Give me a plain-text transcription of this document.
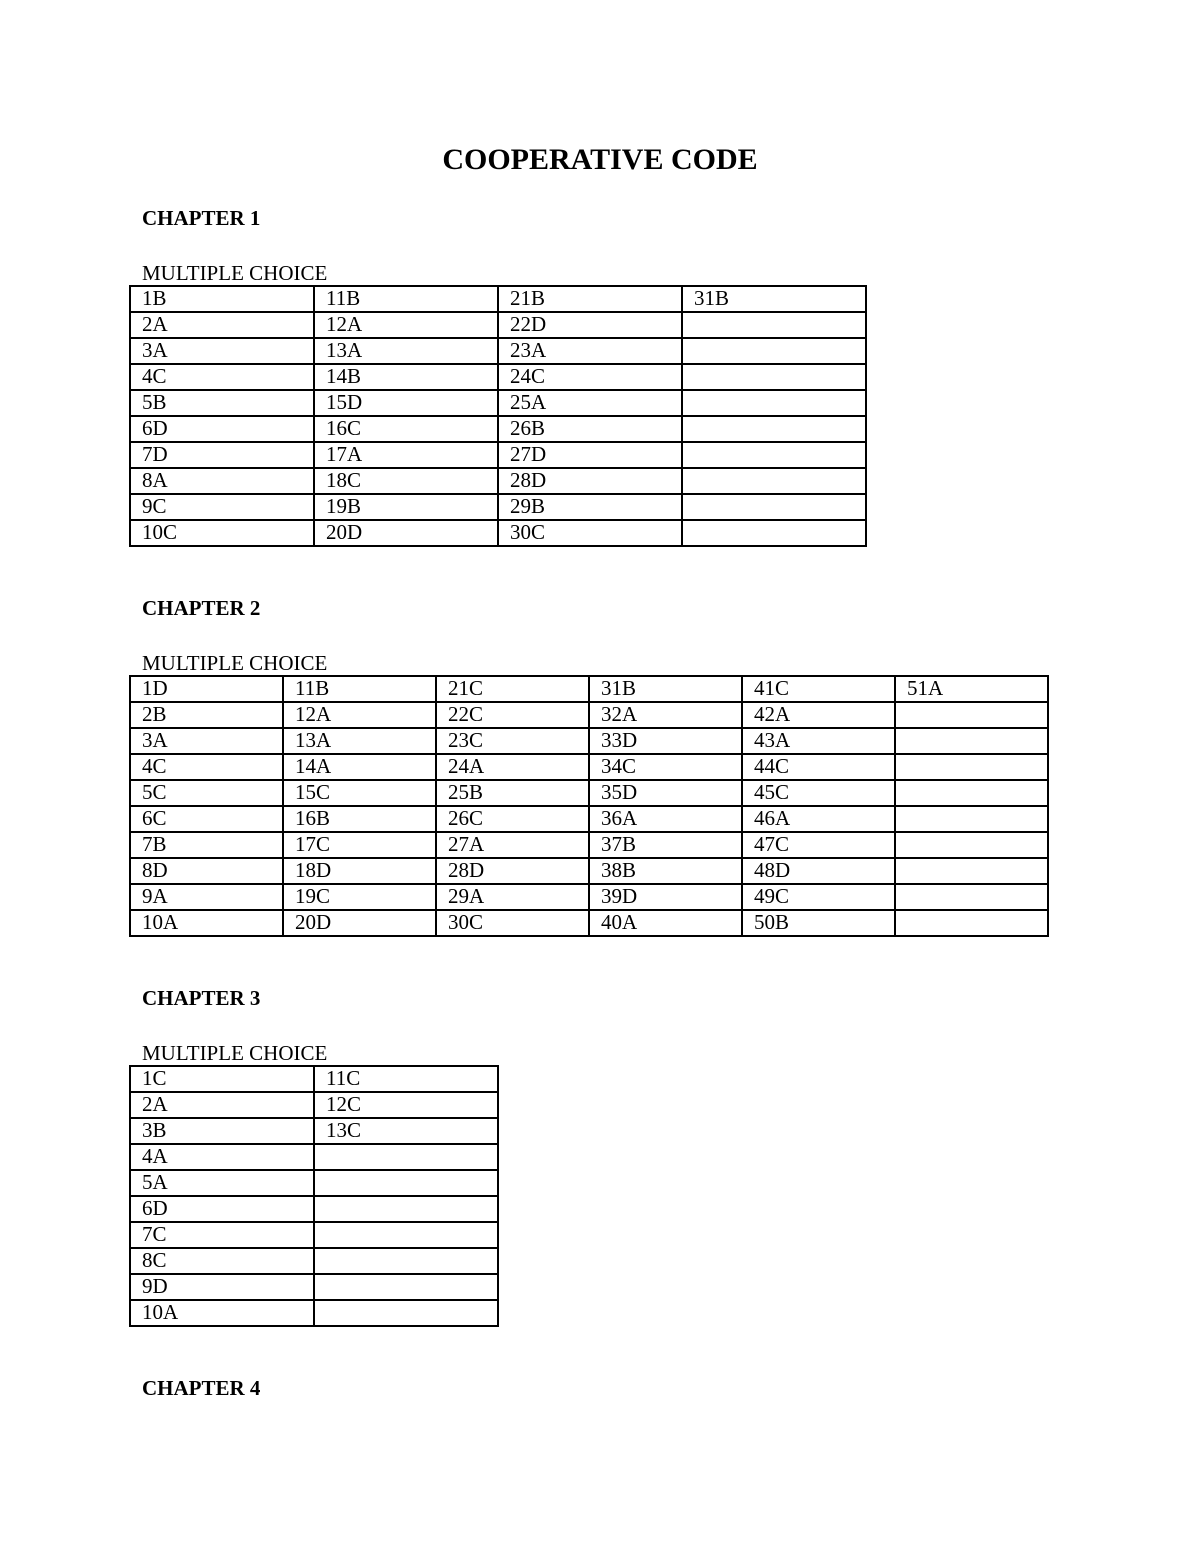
COOPERATIVE CODE
CHAPTER 1
MULTIPLE CHOICE
1B	11B	21B	31B
2A	12A	22D	
3A	13A	23A	
4C	14B	24C	
5B	15D	25A	
6D	16C	26B	
7D	17A	27D	
8A	18C	28D	
9C	19B	29B	
10C	20D	30C	
CHAPTER 2
MULTIPLE CHOICE
1D	11B	21C	31B	41C	51A
2B	12A	22C	32A	42A	
3A	13A	23C	33D	43A	
4C	14A	24A	34C	44C	
5C	15C	25B	35D	45C	
6C	16B	26C	36A	46A	
7B	17C	27A	37B	47C	
8D	18D	28D	38B	48D	
9A	19C	29A	39D	49C	
10A	20D	30C	40A	50B	
CHAPTER 3
MULTIPLE CHOICE
1C	11C
2A	12C
3B	13C
4A	
5A	
6D	
7C	
8C	
9D	
10A	
CHAPTER 4
